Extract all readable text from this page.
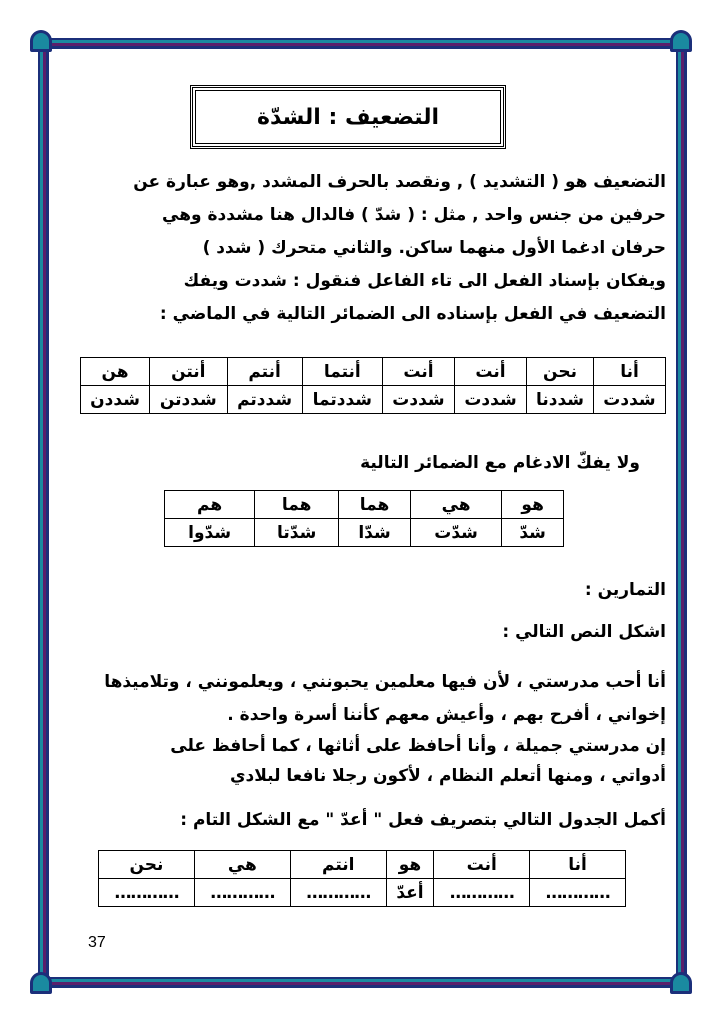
التضعيف : الشدّة
التضعيف هو ( التشديد ) , ونقصد بالحرف المشدد ,وهو عبارة عن
حرفين من جنس واحد , مثل : ( شدّ ) فالدال هنا مشددة وهي
حرفان ادغما الأول منهما ساكن. والثاني متحرك ( شدد )
ويفكان بإسناد الفعل الى تاء الفاعل فنقول : شددت ويفك
التضعيف في الفعل بإسناده الى الضمائر التالية في الماضي :
أنا	نحن	أنت	أنت	أنتما	أنتم	أنتن	هن
شددت	شددنا	شددت	شددت	شددتما	شددتم	شددتن	شددن
ولا يفكّ الادغام مع الضمائر التالية
هو	هي	هما	هما	هم
شدّ	شدّت	شدّا	شدّتا	شدّوا
التمارين :
اشكل النص التالي :
أنا أحب مدرستي ، لأن فيها معلمين يحبونني ، ويعلمونني ، وتلاميذها
إخواني ، أفرح بهم ، وأعيش معهم كأننا أسرة واحدة .
إن مدرستي جميلة ، وأنا أحافظ على أثاثها ، كما أحافظ على
أدواتي ، ومنها أتعلم النظام ، لأكون رجلا نافعا لبلادي
أكمل الجدول التالي بتصريف فعل " أعدّ " مع الشكل التام :
أنا	أنت	هو	انتم	هي	نحن
…………	…………	أعدّ	…………	…………	…………
37
